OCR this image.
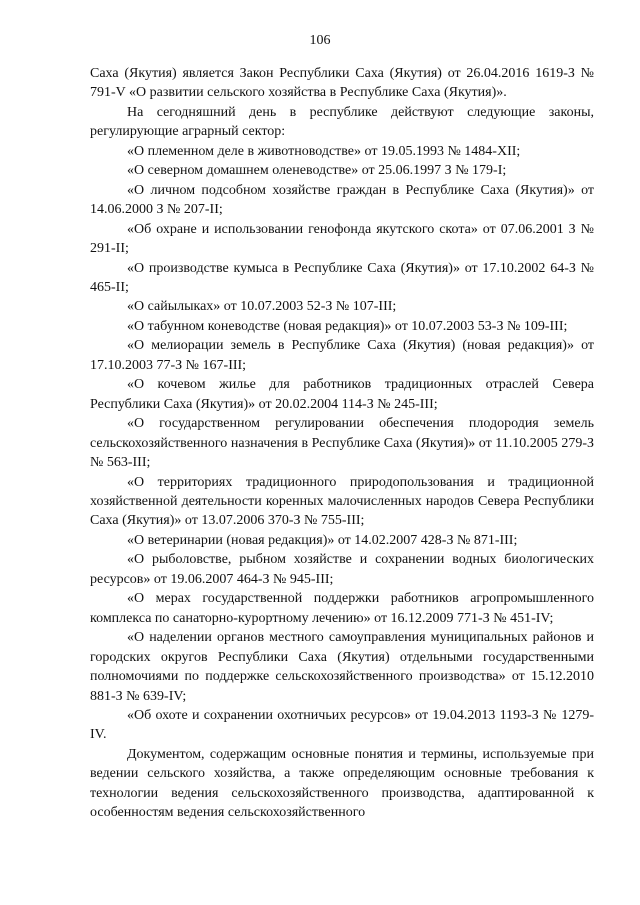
106

Саха (Якутия) является Закон Республики Саха (Якутия) от 26.04.2016 1619-З № 791-V «О развитии сельского хозяйства в Республике Саха (Якутия)».

На сегодняшний день в республике действуют следующие законы, регулирующие аграрный сектор:

«О племенном деле в животноводстве» от 19.05.1993 № 1484-XII;

«О северном домашнем оленеводстве» от 25.06.1997 З № 179-I;

«О личном подсобном хозяйстве граждан в Республике Саха (Якутия)» от 14.06.2000 З № 207-II;

«Об охране и использовании генофонда якутского скота» от 07.06.2001 З № 291-II;

«О производстве кумыса в Республике Саха (Якутия)» от 17.10.2002 64-З № 465-II;

«О сайылыках» от 10.07.2003 52-З № 107-III;

«О табунном коневодстве (новая редакция)» от 10.07.2003 53-З № 109-III;

«О мелиорации земель в Республике Саха (Якутия) (новая редакция)» от 17.10.2003 77-З № 167-III;

«О кочевом жилье для работников традиционных отраслей Севера Республики Саха (Якутия)» от 20.02.2004 114-З № 245-III;

«О государственном регулировании обеспечения плодородия земель сельскохозяйственного назначения в Республике Саха (Якутия)» от 11.10.2005 279-З № 563-III;

«О территориях традиционного природопользования и традиционной хозяйственной деятельности коренных малочисленных народов Севера Республики Саха (Якутия)» от 13.07.2006 370-З № 755-III;

«О ветеринарии (новая редакция)» от 14.02.2007 428-З № 871-III;

«О рыболовстве, рыбном хозяйстве и сохранении водных биологических ресурсов» от 19.06.2007 464-З № 945-III;

«О мерах государственной поддержки работников агропромышленного комплекса по санаторно-курортному лечению» от 16.12.2009 771-З № 451-IV;

«О наделении органов местного самоуправления муниципальных районов и городских округов Республики Саха (Якутия) отдельными государственными полномочиями по поддержке сельскохозяйственного производства» от 15.12.2010 881-З № 639-IV;

«Об охоте и сохранении охотничьих ресурсов» от 19.04.2013 1193-З № 1279-IV.

Документом, содержащим основные понятия и термины, используемые при ведении сельского хозяйства, а также определяющим основные требования к технологии ведения сельскохозяйственного производства, адаптированной к особенностям ведения сельскохозяйственного
